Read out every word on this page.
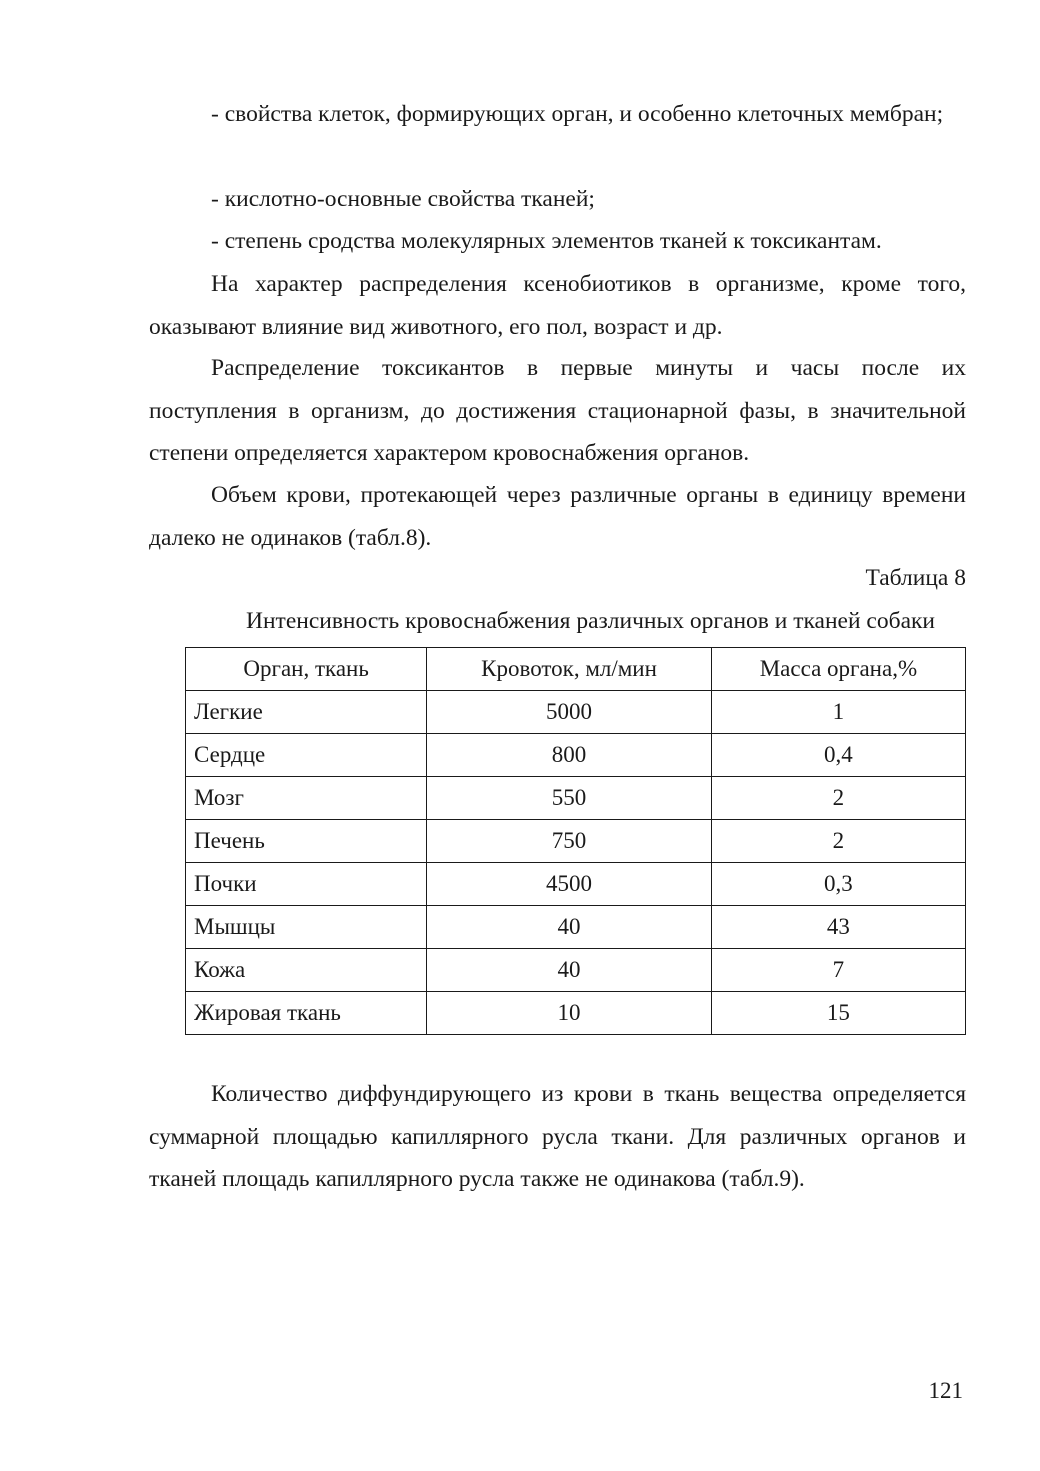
- свойства клеток, формирующих орган, и особенно клеточных мембран;

- кислотно-основные свойства тканей;

- степень сродства молекулярных элементов тканей к токсикантам.

На характер распределения ксенобиотиков в организме, кроме того, оказывают влияние вид животного, его пол, возраст и др.

Распределение токсикантов в первые минуты и часы после их поступления в организм, до достижения стационарной фазы, в значительной степени определяется характером кровоснабжения органов.

Объем крови, протекающей через различные органы в единицу времени далеко не одинаков (табл.8).

Таблица 8

Интенсивность кровоснабжения различных органов и тканей собаки

Орган, ткань	Кровоток, мл/мин	Масса органа,%
Легкие	5000	1
Сердце	800	0,4
Мозг	550	2
Печень	750	2
Почки	4500	0,3
Мышцы	40	43
Кожа	40	7
Жировая ткань	10	15

Количество диффундирующего из крови в ткань вещества определяется суммарной площадью капиллярного русла ткани. Для различных органов и тканей площадь капиллярного русла также не одинакова (табл.9).

121
